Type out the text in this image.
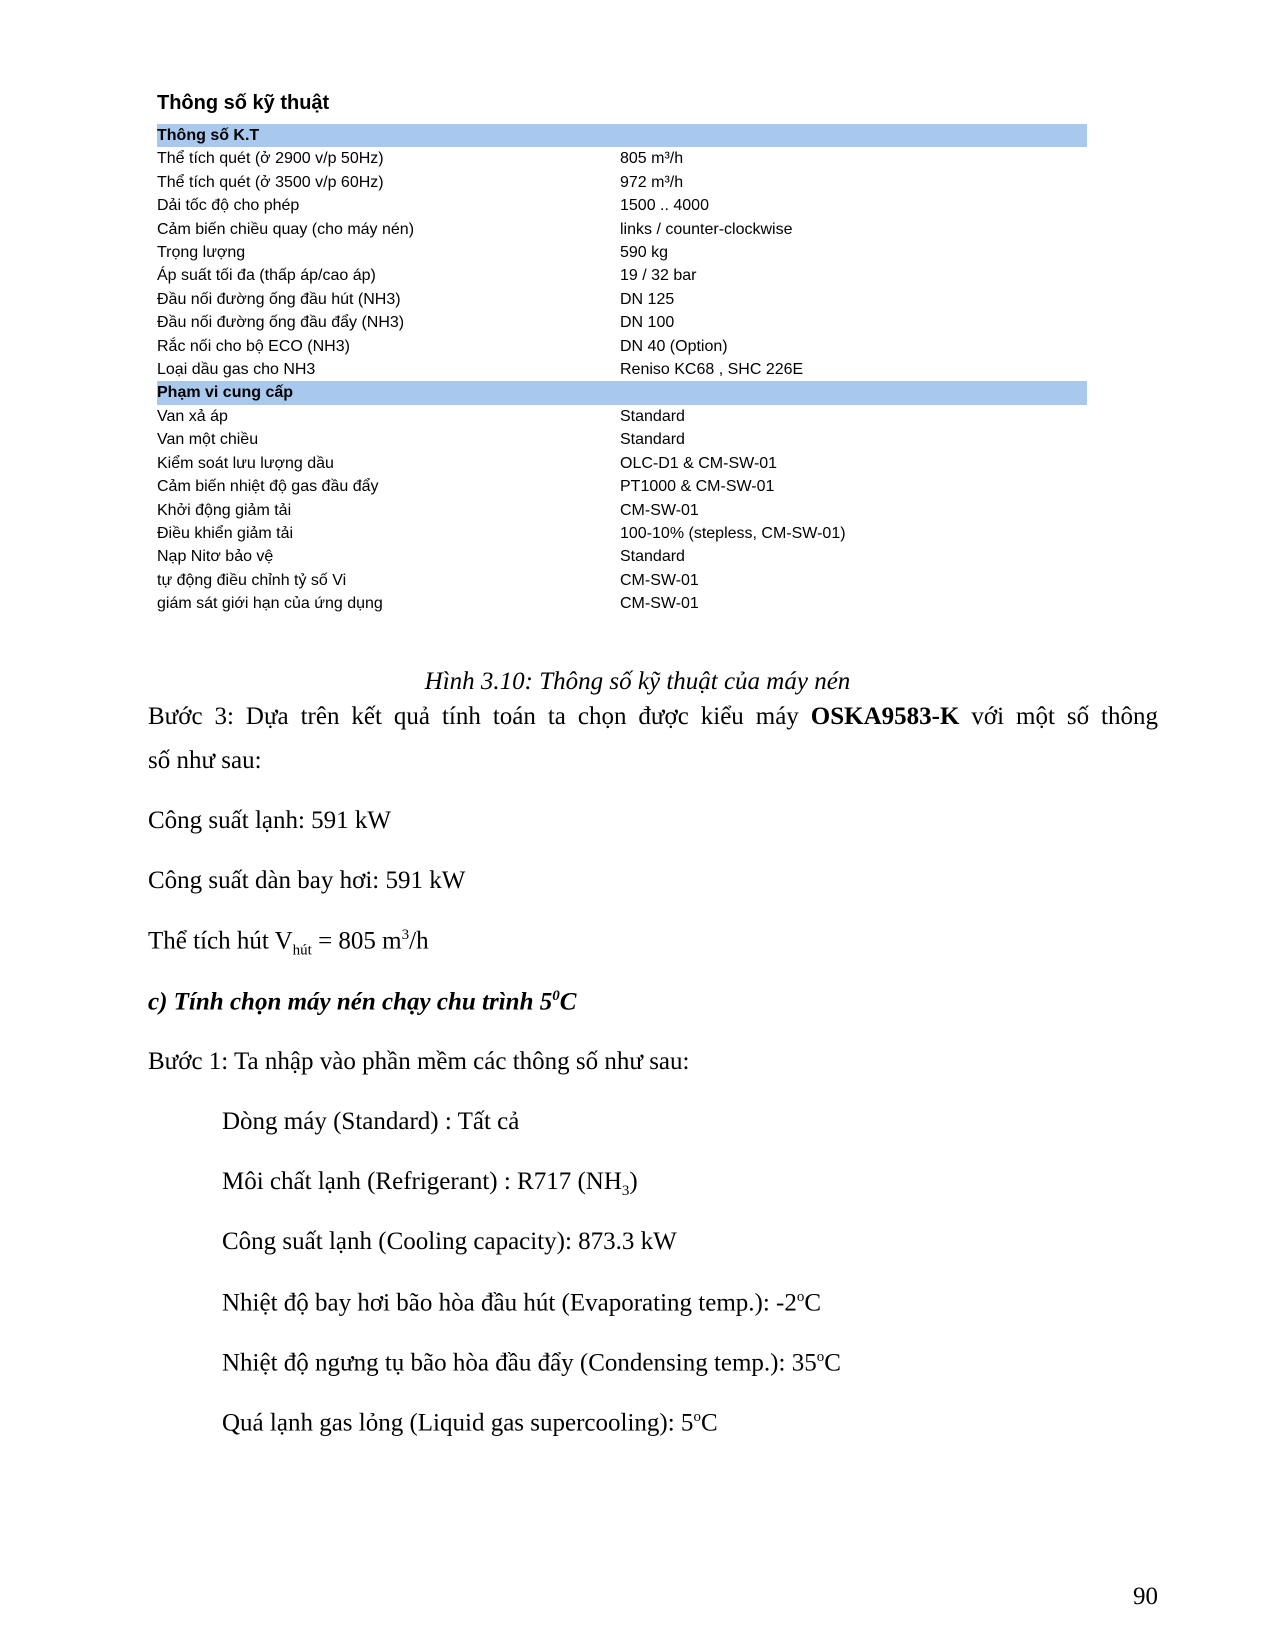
Thông số kỹ thuật
Thông số K.T	
Thể tích quét (ở 2900 v/p 50Hz)	805 m³/h
Thể tích quét (ở 3500 v/p 60Hz)	972 m³/h
Dải tốc độ cho phép	1500 .. 4000
Cảm biến chiều quay (cho máy nén)	links / counter-clockwise
Trọng lượng	590 kg
Áp suất tối đa (thấp áp/cao áp)	19 / 32 bar
Đầu nối đường ống đầu hút (NH3)	DN 125
Đầu nối đường ống đầu đẩy (NH3)	DN 100
Rắc nối cho bộ ECO (NH3)	DN 40 (Option)
Loại dầu gas cho NH3	Reniso KC68 , SHC 226E
Phạm vi cung cấp	
Van xả áp	Standard
Van một chiều	Standard
Kiểm soát lưu lượng dầu	OLC-D1 & CM-SW-01
Cảm biến nhiệt độ gas đầu đẩy	PT1000 & CM-SW-01
Khởi động giảm tải	CM-SW-01
Điều khiển giảm tải	100-10% (stepless, CM-SW-01)
Nạp Nitơ bảo vệ	Standard
tự động điều chỉnh tỷ số Vi	CM-SW-01
giám sát giới hạn của ứng dụng	CM-SW-01
Hình 3.10: Thông số kỹ thuật của máy nén
Bước 3: Dựa trên kết quả tính toán ta chọn được kiểu máy OSKA9583-K với một số thông
số như sau:
Công suất lạnh: 591 kW
Công suất dàn bay hơi: 591 kW
Thể tích hút $V_{hút} = 805$ $m^3/h$
c) Tính chọn máy nén chạy chu trình $5^0C$
Bước 1: Ta nhập vào phần mềm các thông số như sau:
Dòng máy (Standard) : Tất cả
Môi chất lạnh (Refrigerant) : R717 $(NH_3)$
Công suất lạnh (Cooling capacity): 873.3 kW
Nhiệt độ bay hơi bão hòa đầu hút (Evaporating temp.): -2$^o$C
Nhiệt độ ngưng tụ bão hòa đầu đẩy (Condensing temp.): 35$^o$C
Quá lạnh gas lỏng (Liquid gas supercooling): 5$^o$C
90
